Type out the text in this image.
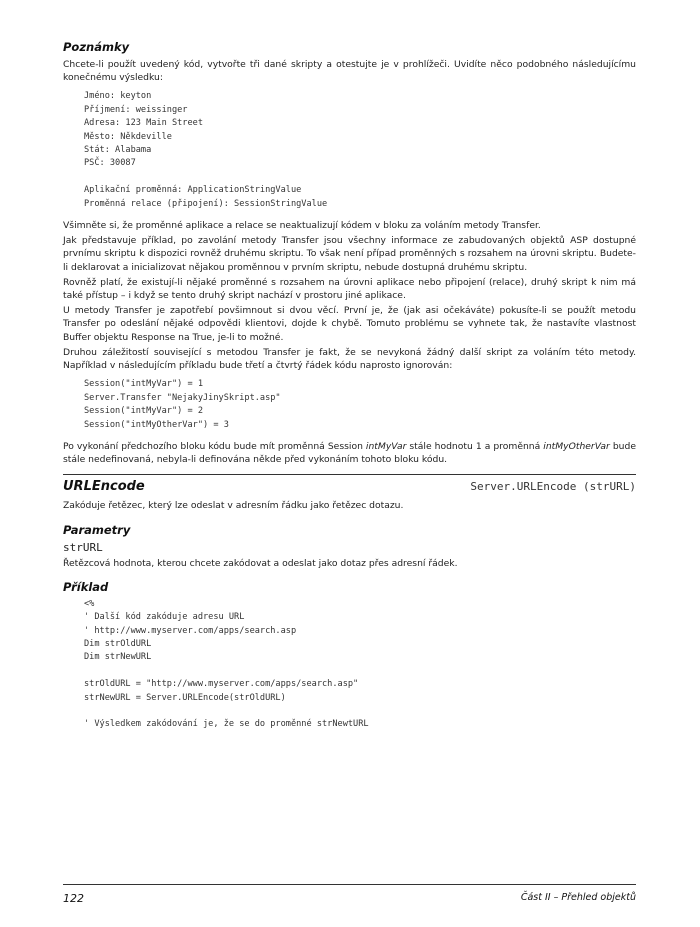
Poznámky

Chcete-li použít uvedený kód, vytvořte tři dané skripty a otestujte je v prohlížeči. Uvidíte něco podobného následujícímu konečnému výsledku:

Jméno: keyton
Příjmení: weissinger
Adresa: 123 Main Street
Město: Někdeville
Stát: Alabama
PSČ: 30087

Aplikační proměnná: ApplicationStringValue
Proměnná relace (připojení): SessionStringValue

Všimněte si, že proměnné aplikace a relace se neaktualizují kódem v bloku za voláním metody Transfer.

Jak představuje příklad, po zavolání metody Transfer jsou všechny informace ze zabudovaných objektů ASP dostupné prvnímu skriptu k dispozici rovněž druhému skriptu. To však není případ proměnných s rozsahem na úrovni skriptu. Budete-li deklarovat a inicializovat nějakou proměnnou v prvním skriptu, nebude dostupná druhému skriptu.

Rovněž platí, že existují-li nějaké proměnné s rozsahem na úrovni aplikace nebo připojení (relace), druhý skript k nim má také přístup – i když se tento druhý skript nachází v prostoru jiné aplikace.

U metody Transfer je zapotřebí povšimnout si dvou věcí. První je, že (jak asi očekáváte) pokusíte-li se použít metodu Transfer po odeslání nějaké odpovědi klientovi, dojde k chybě. Tomuto problému se vyhnete tak, že nastavíte vlastnost Buffer objektu Response na True, je-li to možné.

Druhou záležitostí související s metodou Transfer je fakt, že se nevykoná žádný další skript za voláním této metody. Například v následujícím příkladu bude třetí a čtvrtý řádek kódu naprosto ignorován:

Session("intMyVar") = 1
Server.Transfer "NejakyJinySkript.asp"
Session("intMyVar") = 2
Session("intMyOtherVar") = 3

Po vykonání předchozího bloku kódu bude mít proměnná Session intMyVar stále hodnotu 1 a proměnná intMyOtherVar bude stále nedefinovaná, nebyla-li definována někde před vykonáním tohoto bloku kódu.

URLEncode	Server.URLEncode (strURL)

Zakóduje řetězec, který lze odeslat v adresním řádku jako řetězec dotazu.

Parametry
strURL

Řetězcová hodnota, kterou chcete zakódovat a odeslat jako dotaz přes adresní řádek.

Příklad
<%
' Další kód zakóduje adresu URL
' http://www.myserver.com/apps/search.asp
Dim strOldURL
Dim strNewURL

strOldURL = "http://www.myserver.com/apps/search.asp"
strNewURL = Server.URLEncode(strOldURL)

' Výsledkem zakódování je, že se do proměnné strNewtURL
122	Část II – Přehled objektů
